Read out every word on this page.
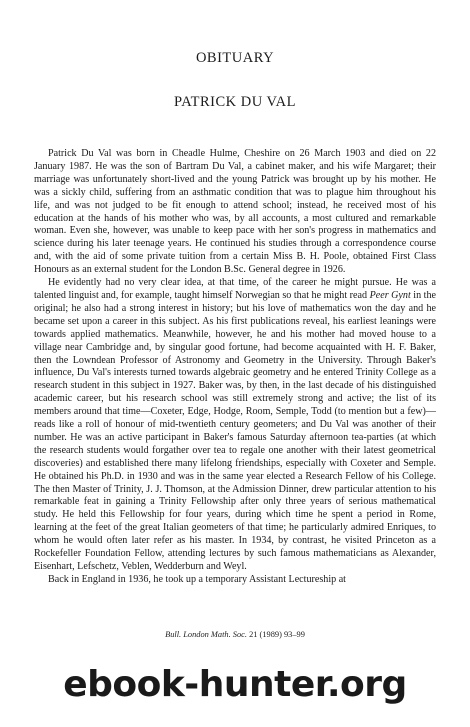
OBITUARY
PATRICK DU VAL

Patrick Du Val was born in Cheadle Hulme, Cheshire on 26 March 1903 and died on 22 January 1987. He was the son of Bartram Du Val, a cabinet maker, and his wife Margaret; their marriage was unfortunately short-lived and the young Patrick was brought up by his mother. He was a sickly child, suffering from an asthmatic condition that was to plague him throughout his life, and was not judged to be fit enough to attend school; instead, he received most of his education at the hands of his mother who was, by all accounts, a most cultured and remarkable woman. Even she, however, was unable to keep pace with her son's progress in mathematics and science during his later teenage years. He continued his studies through a correspondence course and, with the aid of some private tuition from a certain Miss B. H. Poole, obtained First Class Honours as an external student for the London B.Sc. General degree in 1926.

He evidently had no very clear idea, at that time, of the career he might pursue. He was a talented linguist and, for example, taught himself Norwegian so that he might read Peer Gynt in the original; he also had a strong interest in history; but his love of mathematics won the day and he became set upon a career in this subject. As his first publications reveal, his earliest leanings were towards applied mathematics. Meanwhile, however, he and his mother had moved house to a village near Cambridge and, by singular good fortune, had become acquainted with H. F. Baker, then the Lowndean Professor of Astronomy and Geometry in the University. Through Baker's influence, Du Val's interests turned towards algebraic geometry and he entered Trinity College as a research student in this subject in 1927. Baker was, by then, in the last decade of his distinguished academic career, but his research school was still extremely strong and active; the list of its members around that time—Coxeter, Edge, Hodge, Room, Semple, Todd (to mention but a few)— reads like a roll of honour of mid-twentieth century geometers; and Du Val was another of their number. He was an active participant in Baker's famous Saturday afternoon tea-parties (at which the research students would forgather over tea to regale one another with their latest geometrical discoveries) and established there many lifelong friendships, especially with Coxeter and Semple. He obtained his Ph.D. in 1930 and was in the same year elected a Research Fellow of his College. The then Master of Trinity, J. J. Thomson, at the Admission Dinner, drew particular attention to his remarkable feat in gaining a Trinity Fellowship after only three years of serious mathematical study. He held this Fellowship for four years, during which time he spent a period in Rome, learning at the feet of the great Italian geometers of that time; he particularly admired Enriques, to whom he would often later refer as his master. In 1934, by contrast, he visited Princeton as a Rockefeller Foundation Fellow, attending lectures by such famous mathematicians as Alexander, Eisenhart, Lefschetz, Veblen, Wedderburn and Weyl.

Back in England in 1936, he took up a temporary Assistant Lectureship at

Bull. London Math. Soc. 21 (1989) 93–99
ebook-hunter.org
